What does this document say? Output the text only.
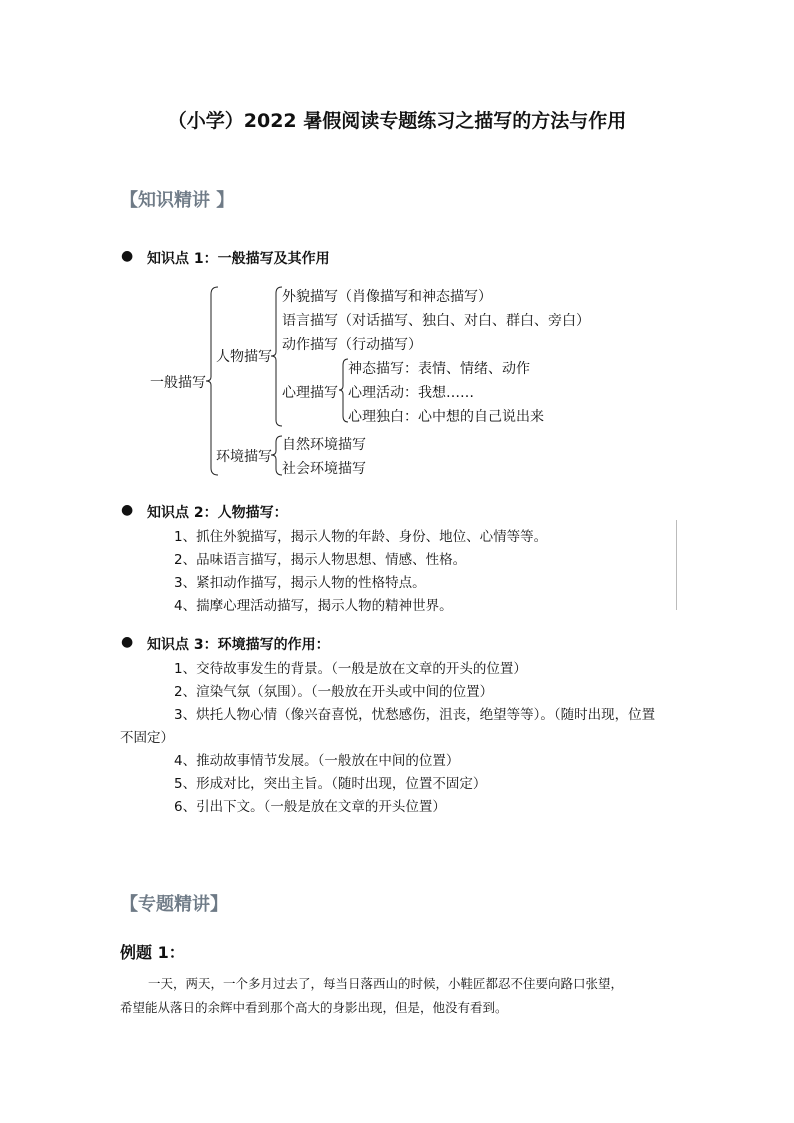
（小学）2022 暑假阅读专题练习之描写的方法与作用
【知识精讲 】
● 知识点 1：一般描写及其作用
一般描写
人物描写
外貌描写（肖像描写和神态描写）
语言描写（对话描写、独白、对白、群白、旁白）
动作描写（行动描写）
心理描写
神态描写：表情、情绪、动作
心理活动：我想……
心理独白：心中想的自己说出来
环境描写
自然环境描写
社会环境描写
● 知识点 2：人物描写：
1、抓住外貌描写，揭示人物的年龄、身份、地位、心情等等。
2、品味语言描写，揭示人物思想、情感、性格。
3、紧扣动作描写，揭示人物的性格特点。
4、揣摩心理活动描写，揭示人物的精神世界。
● 知识点 3：环境描写的作用：
1、交待故事发生的背景。（一般是放在文章的开头的位置）
2、渲染气氛（氛围）。（一般放在开头或中间的位置）
3、烘托人物心情（像兴奋喜悦，忧愁感伤，沮丧，绝望等等）。（随时出现，位置
不固定）
4、推动故事情节发展。（一般放在中间的位置）
5、形成对比，突出主旨。（随时出现，位置不固定）
6、引出下文。（一般是放在文章的开头位置）
【专题精讲】
例题 1：
一天，两天，一个多月过去了，每当日落西山的时候，小鞋匠都忍不住要向路口张望，
希望能从落日的余辉中看到那个高大的身影出现，但是，他没有看到。
